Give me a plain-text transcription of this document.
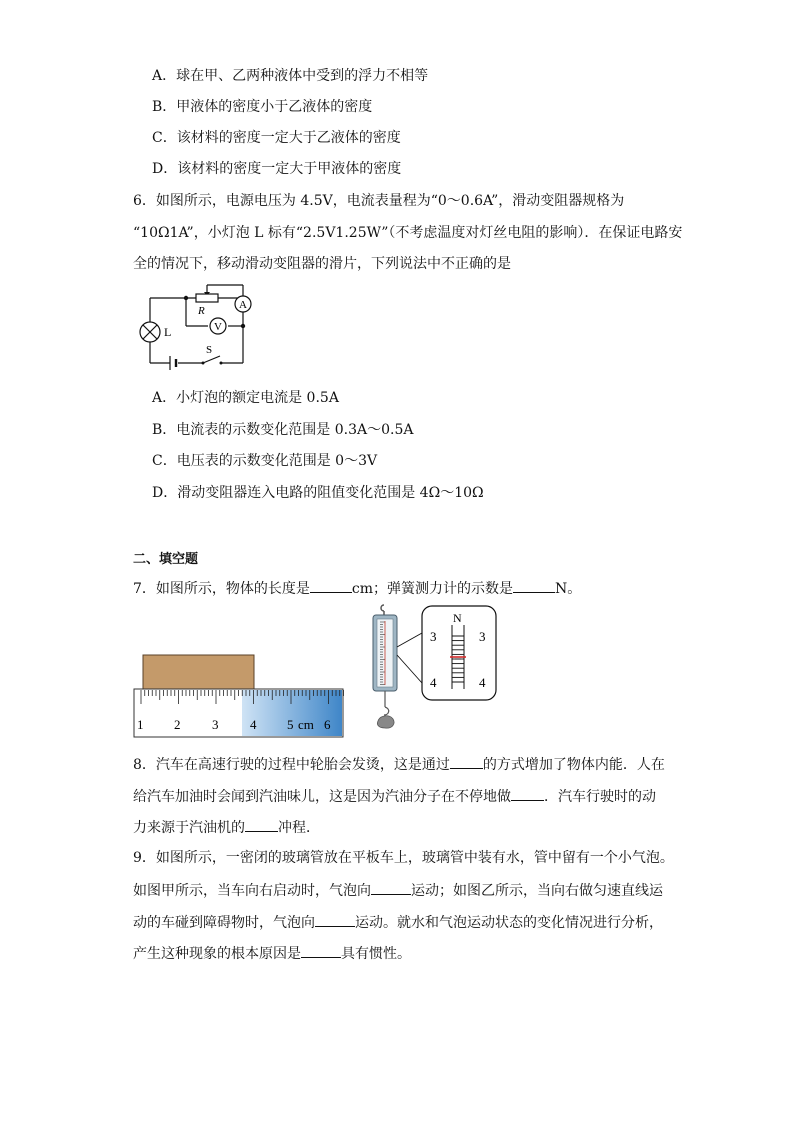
A．球在甲、乙两种液体中受到的浮力不相等
B．甲液体的密度小于乙液体的密度
C．该材料的密度一定大于乙液体的密度
D．该材料的密度一定大于甲液体的密度
6．如图所示，电源电压为 4.5V，电流表量程为“0～0.6A”，滑动变阻器规格为
“10Ω1A”，小灯泡 L 标有“2.5V1.25W”（不考虑温度对灯丝电阻的影响）．在保证电路安
全的情况下，移动滑动变阻器的滑片，下列说法中不正确的是
A
V
R
L
S
A．小灯泡的额定电流是 0.5A
B．电流表的示数变化范围是 0.3A～0.5A
C．电压表的示数变化范围是 0～3V
D．滑动变阻器连入电路的阻值变化范围是 4Ω～10Ω
二、填空题
7．如图所示，物体的长度是	cm；弹簧测力计的示数是	N。
1 2 3 4 5 cm 6
N
3	3
4	4
8．汽车在高速行驶的过程中轮胎会发烫，这是通过 的方式增加了物体内能．人在
给汽车加油时会闻到汽油味儿，这是因为汽油分子在不停地做 ．汽车行驶时的动
力来源于汽油机的 冲程．
9．如图所示，一密闭的玻璃管放在平板车上，玻璃管中装有水，管中留有一个小气泡。
如图甲所示，当车向右启动时，气泡向	运动；如图乙所示，当向右做匀速直线运
动的车碰到障碍物时，气泡向	运动。就水和气泡运动状态的变化情况进行分析，
产生这种现象的根本原因是	具有惯性。
